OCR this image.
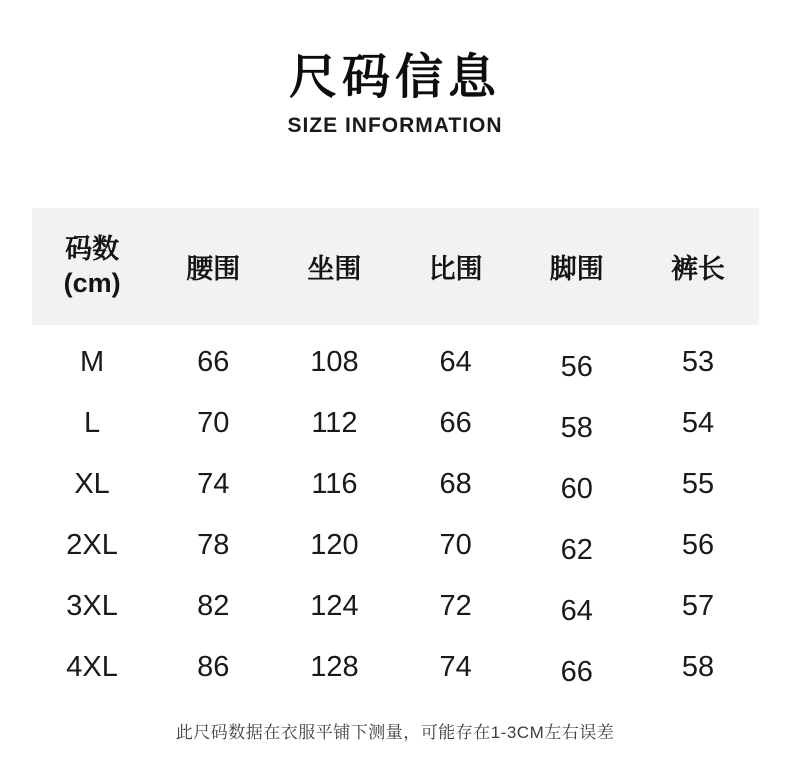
尺码信息
SIZE INFORMATION
码数
(cm)	腰围	坐围	比围	脚围	裤长
M	66	108	64	56	53
L	70	112	66	58	54
XL	74	116	68	60	55
2XL	78	120	70	62	56
3XL	82	124	72	64	57
4XL	86	128	74	66	58
此尺码数据在衣服平铺下测量，可能存在1-3CM左右误差
